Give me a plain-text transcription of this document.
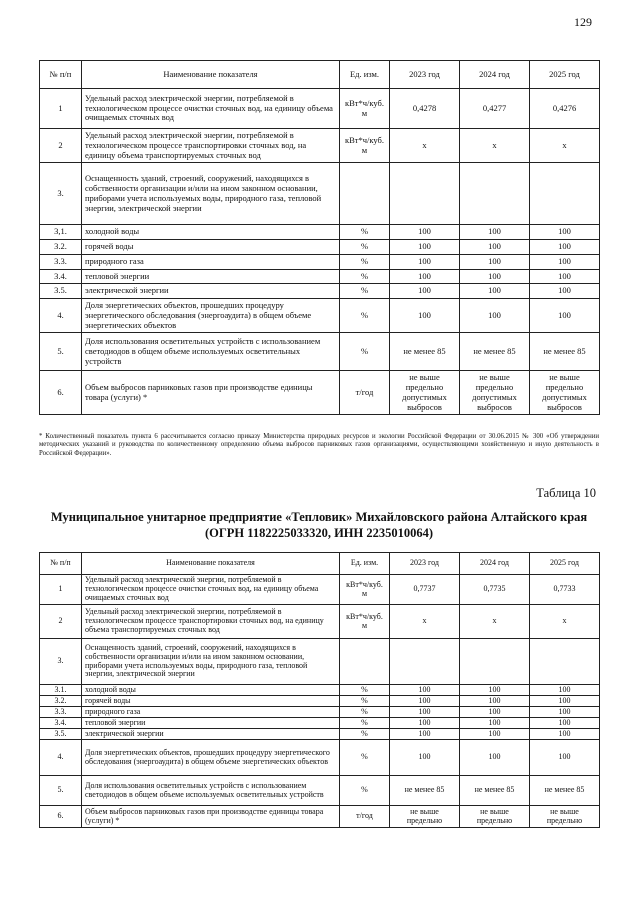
129
№ п/п	Наименование показателя	Ед. изм.	2023 год	2024 год	2025 год
1	Удельный расход электрической энергии, потребляемой в технологическом процессе очистки сточных вод, на единицу объема очищаемых сточных вод	кВт*ч/куб. м	0,4278	0,4277	0,4276
2	Удельный расход электрической энергии, потребляемой в технологическом процессе транспортировки сточных вод, на единицу объема транспортируемых сточных вод	кВт*ч/куб. м	х	х	х
3.	Оснащенность зданий, строений, сооружений, находящихся в собственности организации и/или на ином законном основании, приборами учета используемых воды, природного газа, тепловой энергии, электрической энергии				
3,1.	холодной воды	%	100	100	100
3.2.	горячей воды	%	100	100	100
3.3.	природного газа	%	100	100	100
3.4.	тепловой энергии	%	100	100	100
3.5.	электрической энергии	%	100	100	100
4.	Доля энергетических объектов, прошедших процедуру энергетического обследования (энергоаудита) в общем объеме энергетических объектов	%	100	100	100
5.	Доля использования осветительных устройств с использованием светодиодов в общем объеме используемых осветительных устройств	%	не менее 85	не менее 85	не менее 85
6.	Объем выбросов парниковых газов при производстве единицы товара (услуги) *	т/год	не выше предельно допустимых выбросов	не выше предельно допустимых выбросов	не выше предельно допустимых выбросов
* Количественный показатель пункта 6 рассчитывается согласно приказу Министерства природных ресурсов и экологии Российской Федерации от 30.06.2015 № 300 «Об утверждении методических указаний и руководства по количественному определению объема выбросов парниковых газов организациями, осуществляющими хозяйственную и иную деятельность в Российской Федерации».
Таблица 10
Муниципальное унитарное предприятие «Тепловик» Михайловского района Алтайского края (ОГРН 1182225033320, ИНН 2235010064)
№ п/п	Наименование показателя	Ед. изм.	2023 год	2024 год	2025 год
1	Удельный расход электрической энергии, потребляемой в технологическом процессе очистки сточных вод, на единицу объема очищаемых сточных вод	кВт*ч/куб. м	0,7737	0,7735	0,7733
2	Удельный расход электрической энергии, потребляемой в технологическом процессе транспортировки сточных вод, на единицу объема транспортируемых сточных вод	кВт*ч/куб. м	х	х	х
3.	Оснащенность зданий, строений, сооружений, находящихся в собственности организации и/или на ином законном основании, приборами учета используемых воды, природного газа, тепловой энергии, электрической энергии				
3.1.	холодной воды	%	100	100	100
3.2.	горячей воды	%	100	100	100
3.3.	природного газа	%	100	100	100
3.4.	тепловой энергии	%	100	100	100
3.5.	электрической энергии	%	100	100	100
4.	Доля энергетических объектов, прошедших процедуру энергетического обследования (энергоаудита) в общем объеме энергетических объектов	%	100	100	100
5.	Доля использования осветительных устройств с использованием светодиодов в общем объеме используемых осветительных устройств	%	не менее 85	не менее 85	не менее 85
6.	Объем выбросов парниковых газов при производстве единицы товара (услуги) *	т/год	не выше предельно	не выше предельно	не выше предельно
